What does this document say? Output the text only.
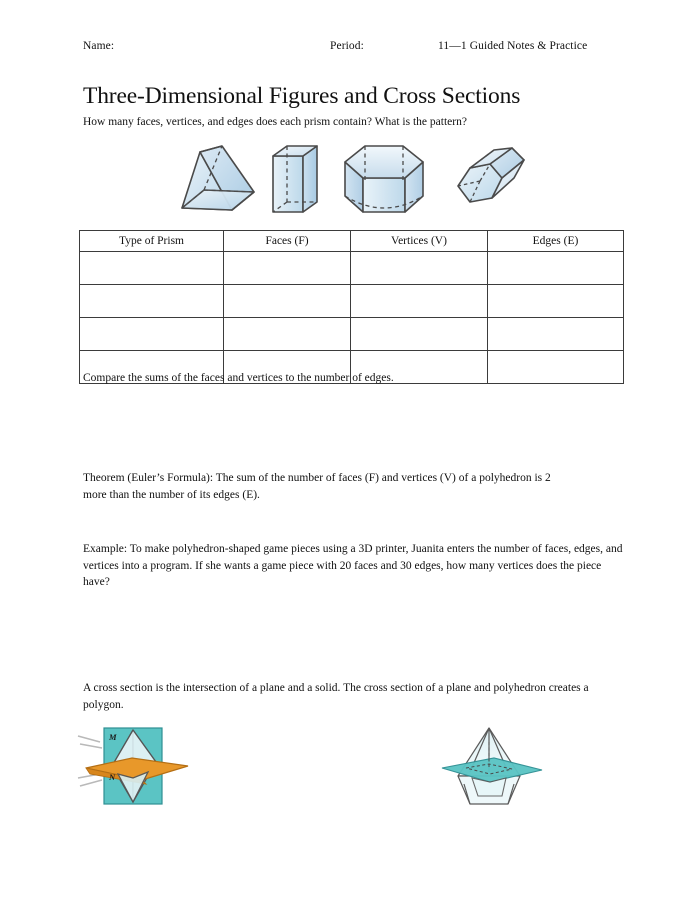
Name:	Period:	11—1 Guided Notes & Practice
Three-Dimensional Figures and Cross Sections
How many faces, vertices, and edges does each prism contain? What is the pattern?
Type of Prism	Faces (F)	Vertices (V)	Edges (E)

Compare the sums of the faces and vertices to the number of edges.
Theorem (Euler’s Formula): The sum of the number of faces (F) and vertices (V) of a polyhedron is 2 more than the number of its edges (E).
Example: To make polyhedron-shaped game pieces using a 3D printer, Juanita enters the number of faces, edges, and vertices into a program. If she wants a game piece with 20 faces and 30 edges, how many vertices does the piece have?
A cross section is the intersection of a plane and a solid. The cross section of a plane and polyhedron creates a polygon.
M
N
